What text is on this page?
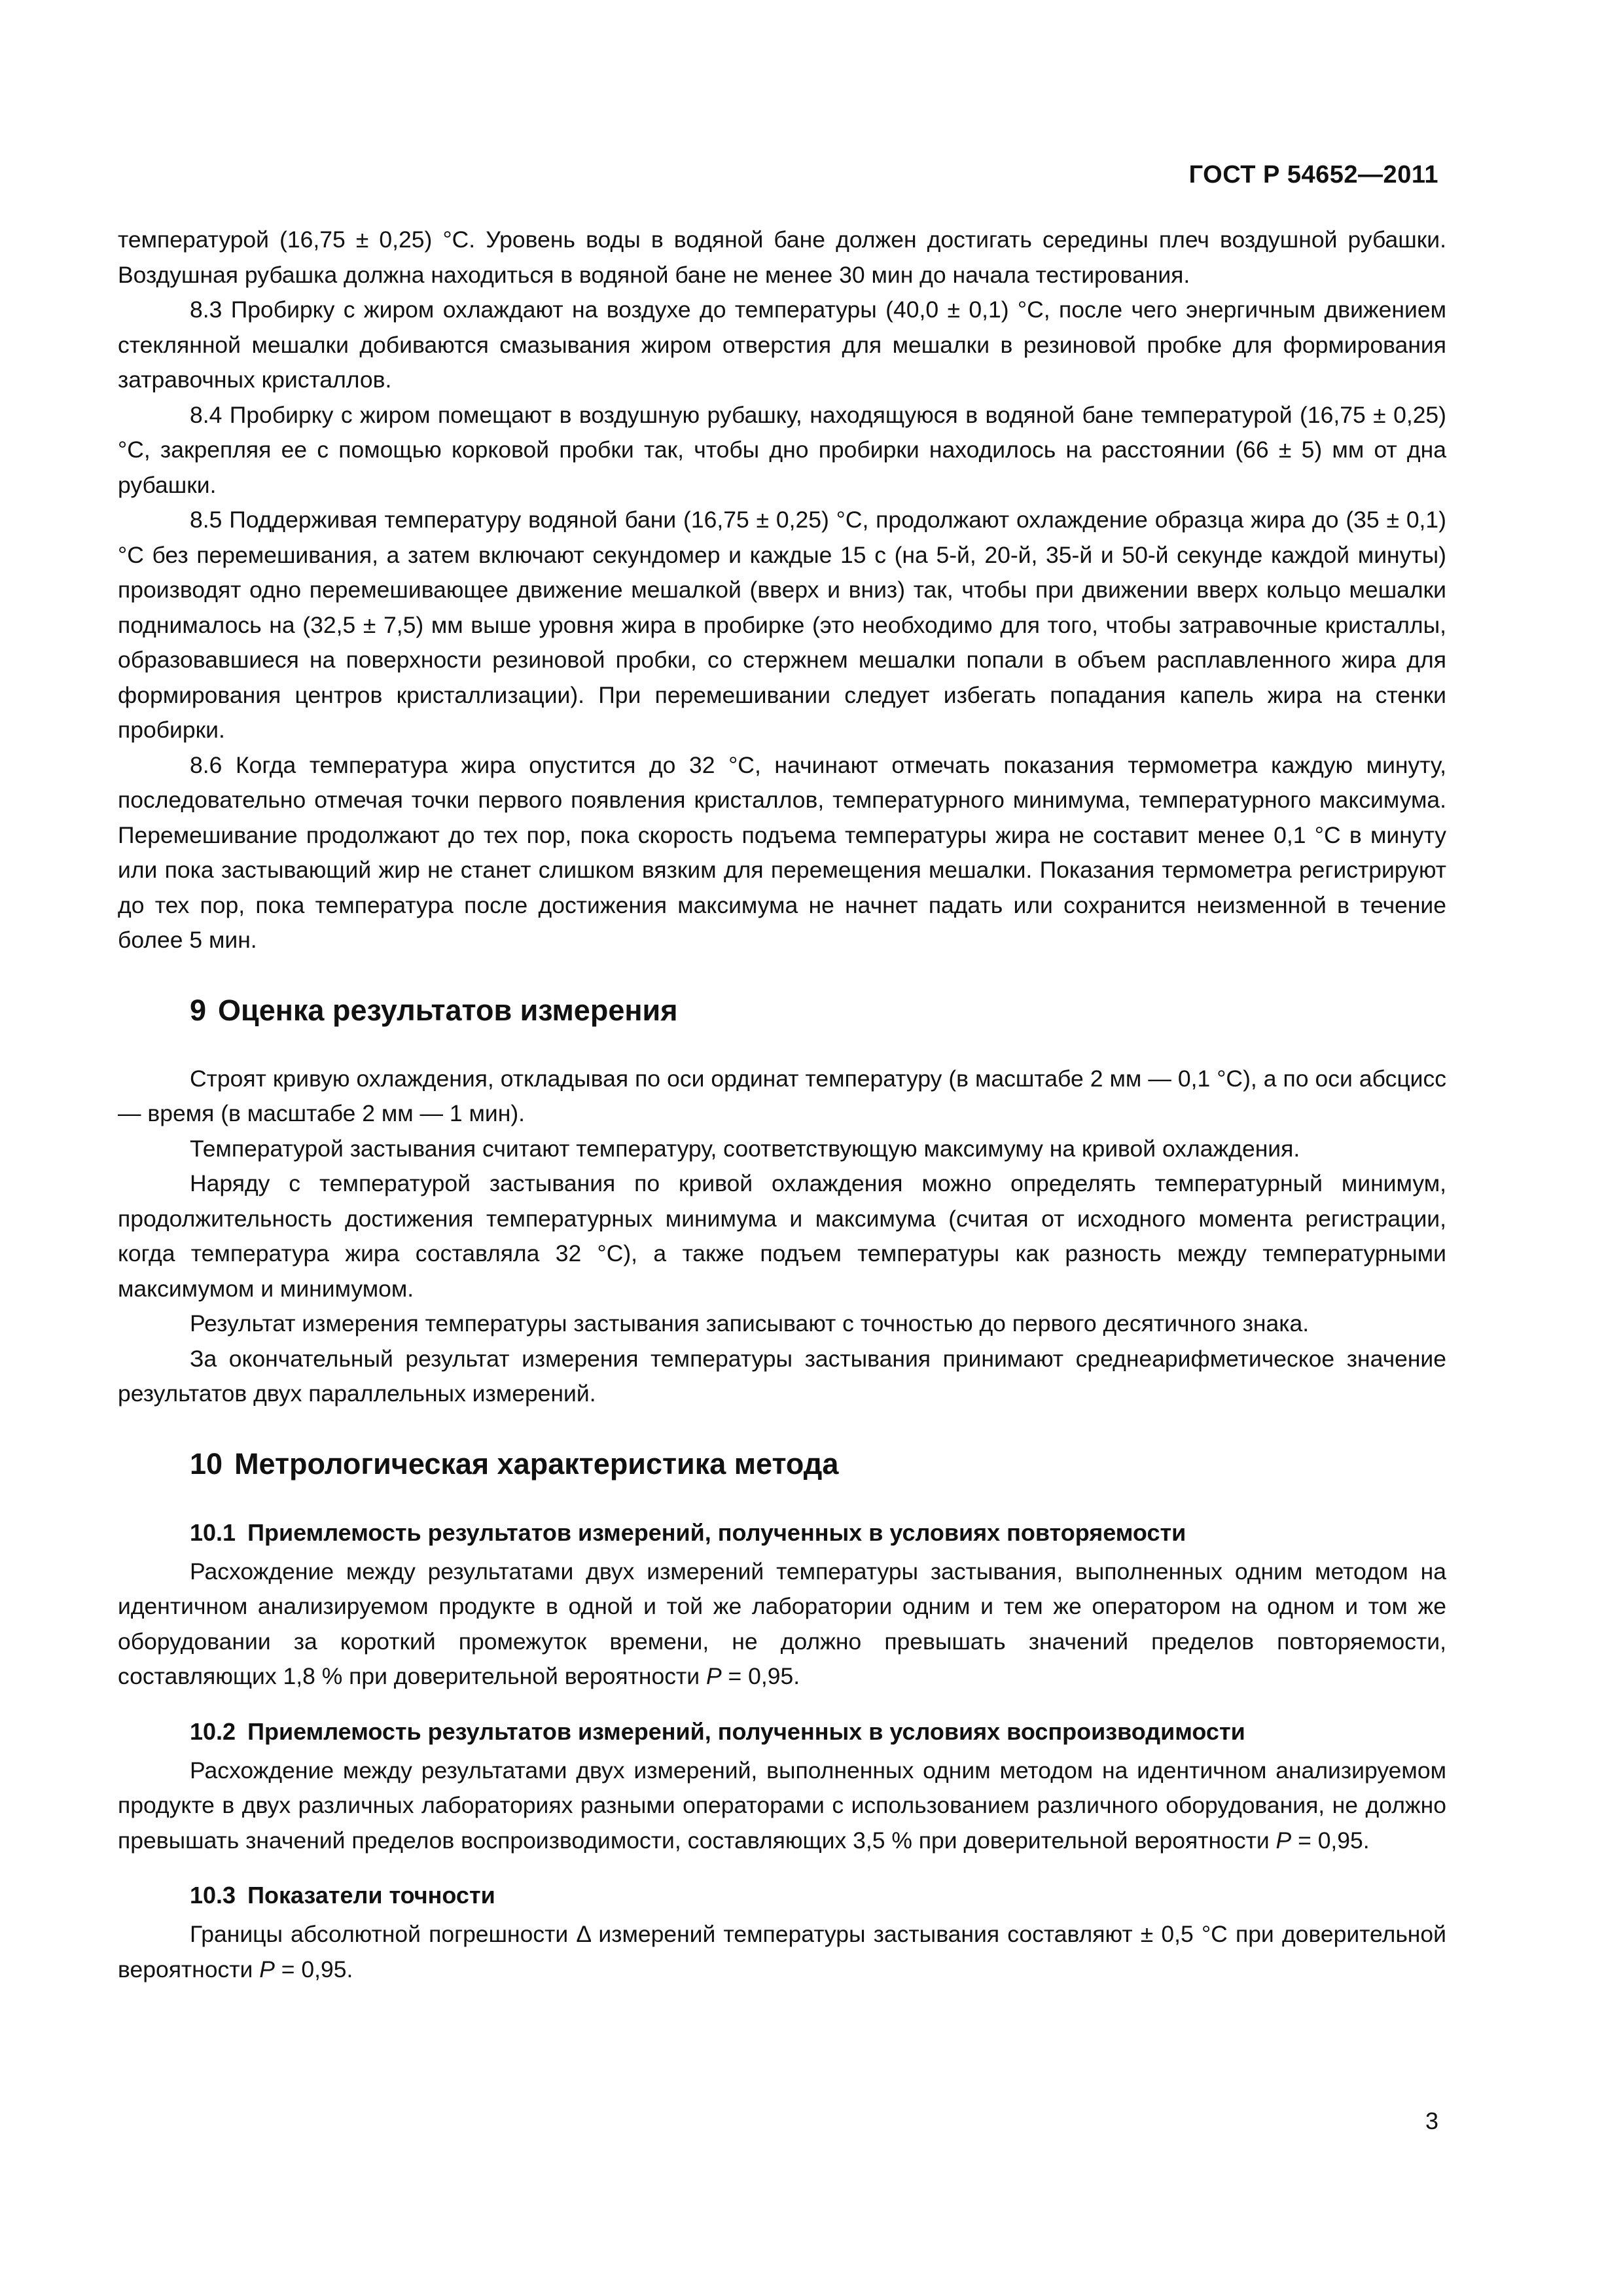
ГОСТ Р 54652—2011

температурой (16,75 ± 0,25) °С. Уровень воды в водяной бане должен достигать середины плеч воздушной рубашки. Воздушная рубашка должна находиться в водяной бане не менее 30 мин до начала тестирования.

8.3 Пробирку с жиром охлаждают на воздухе до температуры (40,0 ± 0,1) °С, после чего энергичным движением стеклянной мешалки добиваются смазывания жиром отверстия для мешалки в резиновой пробке для формирования затравочных кристаллов.

8.4 Пробирку с жиром помещают в воздушную рубашку, находящуюся в водяной бане температурой (16,75 ± 0,25) °С, закрепляя ее с помощью корковой пробки так, чтобы дно пробирки находилось на расстоянии (66 ± 5) мм от дна рубашки.

8.5 Поддерживая температуру водяной бани (16,75 ± 0,25) °С, продолжают охлаждение образца жира до (35 ± 0,1) °С без перемешивания, а затем включают секундомер и каждые 15 с (на 5-й, 20-й, 35-й и 50-й секунде каждой минуты) производят одно перемешивающее движение мешалкой (вверх и вниз) так, чтобы при движении вверх кольцо мешалки поднималось на (32,5 ± 7,5) мм выше уровня жира в пробирке (это необходимо для того, чтобы затравочные кристаллы, образовавшиеся на поверхности резиновой пробки, со стержнем мешалки попали в объем расплавленного жира для формирования центров кристаллизации). При перемешивании следует избегать попадания капель жира на стенки пробирки.

8.6 Когда температура жира опустится до 32 °С, начинают отмечать показания термометра каждую минуту, последовательно отмечая точки первого появления кристаллов, температурного минимума, температурного максимума. Перемешивание продолжают до тех пор, пока скорость подъема температуры жира не составит менее 0,1 °С в минуту или пока застывающий жир не станет слишком вязким для перемещения мешалки. Показания термометра регистрируют до тех пор, пока температура после достижения максимума не начнет падать или сохранится неизменной в течение более 5 мин.

9 Оценка результатов измерения

Строят кривую охлаждения, откладывая по оси ординат температуру (в масштабе 2 мм — 0,1 °С), а по оси абсцисс — время (в масштабе 2 мм — 1 мин).

Температурой застывания считают температуру, соответствующую максимуму на кривой охлаждения.

Наряду с температурой застывания по кривой охлаждения можно определять температурный минимум, продолжительность достижения температурных минимума и максимума (считая от исходного момента регистрации, когда температура жира составляла 32 °С), а также подъем температуры как разность между температурными максимумом и минимумом.

Результат измерения температуры застывания записывают с точностью до первого десятичного знака.

За окончательный результат измерения температуры застывания принимают среднеарифметическое значение результатов двух параллельных измерений.

10 Метрологическая характеристика метода
10.1 Приемлемость результатов измерений, полученных в условиях повторяемости

Расхождение между результатами двух измерений температуры застывания, выполненных одним методом на идентичном анализируемом продукте в одной и той же лаборатории одним и тем же оператором на одном и том же оборудовании за короткий промежуток времени, не должно превышать значений пределов повторяемости, составляющих 1,8 % при доверительной вероятности P = 0,95.

10.2 Приемлемость результатов измерений, полученных в условиях воспроизводимости

Расхождение между результатами двух измерений, выполненных одним методом на идентичном анализируемом продукте в двух различных лабораториях разными операторами с использованием различного оборудования, не должно превышать значений пределов воспроизводимости, составляющих 3,5 % при доверительной вероятности P = 0,95.

10.3 Показатели точности

Границы абсолютной погрешности Δ измерений температуры застывания составляют ± 0,5 °С при доверительной вероятности P = 0,95.

3
